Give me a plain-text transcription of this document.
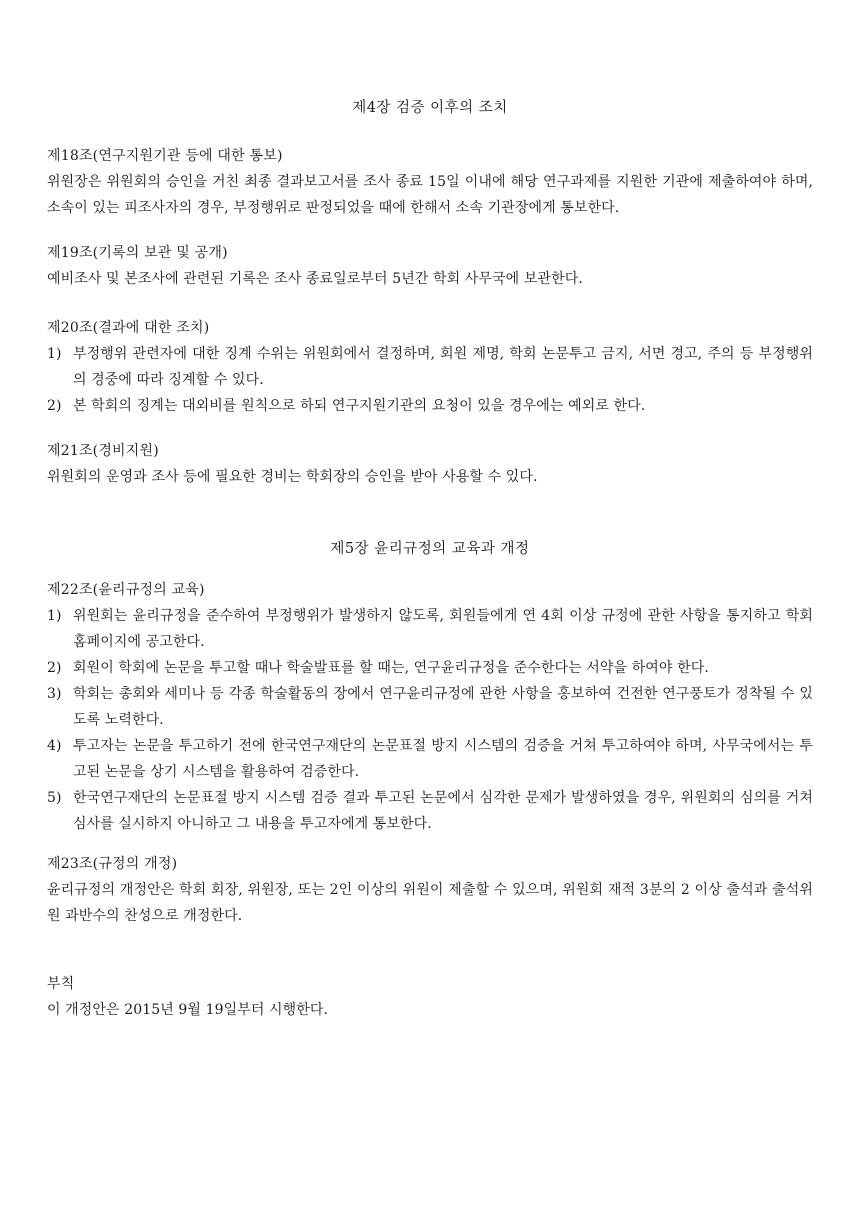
제4장 검증 이후의 조치

제18조(연구지원기관 등에 대한 통보)

위원장은 위원회의 승인을 거친 최종 결과보고서를 조사 종료 15일 이내에 해당 연구과제를 지원한 기관에 제출하여야 하며, 소속이 있는 피조사자의 경우, 부정행위로 판정되었을 때에 한해서 소속 기관장에게 통보한다.

제19조(기록의 보관 및 공개)

예비조사 및 본조사에 관련된 기록은 조사 종료일로부터 5년간 학회 사무국에 보관한다.

제20조(결과에 대한 조치)

1) 부정행위 관련자에 대한 징계 수위는 위원회에서 결정하며, 회원 제명, 학회 논문투고 금지, 서면 경고, 주의 등 부정행위의 경중에 따라 징계할 수 있다.
2) 본 학회의 징계는 대외비를 원칙으로 하되 연구지원기관의 요청이 있을 경우에는 예외로 한다.

제21조(경비지원)

위원회의 운영과 조사 등에 필요한 경비는 학회장의 승인을 받아 사용할 수 있다.

제5장 윤리규정의 교육과 개정

제22조(윤리규정의 교육)

1) 위원회는 윤리규정을 준수하여 부정행위가 발생하지 않도록, 회원들에게 연 4회 이상 규정에 관한 사항을 통지하고 학회 홈페이지에 공고한다.
2) 회원이 학회에 논문을 투고할 때나 학술발표를 할 때는, 연구윤리규정을 준수한다는 서약을 하여야 한다.
3) 학회는 총회와 세미나 등 각종 학술활동의 장에서 연구윤리규정에 관한 사항을 홍보하여 건전한 연구풍토가 정착될 수 있도록 노력한다.
4) 투고자는 논문을 투고하기 전에 한국연구재단의 논문표절 방지 시스템의 검증을 거쳐 투고하여야 하며, 사무국에서는 투고된 논문을 상기 시스템을 활용하여 검증한다.
5) 한국연구재단의 논문표절 방지 시스템 검증 결과 투고된 논문에서 심각한 문제가 발생하였을 경우, 위원회의 심의를 거쳐 심사를 실시하지 아니하고 그 내용을 투고자에게 통보한다.

제23조(규정의 개정)

윤리규정의 개정안은 학회 회장, 위원장, 또는 2인 이상의 위원이 제출할 수 있으며, 위원회 재적 3분의 2 이상 출석과 출석위원 과반수의 찬성으로 개정한다.

부칙

이 개정안은 2015년 9월 19일부터 시행한다.
